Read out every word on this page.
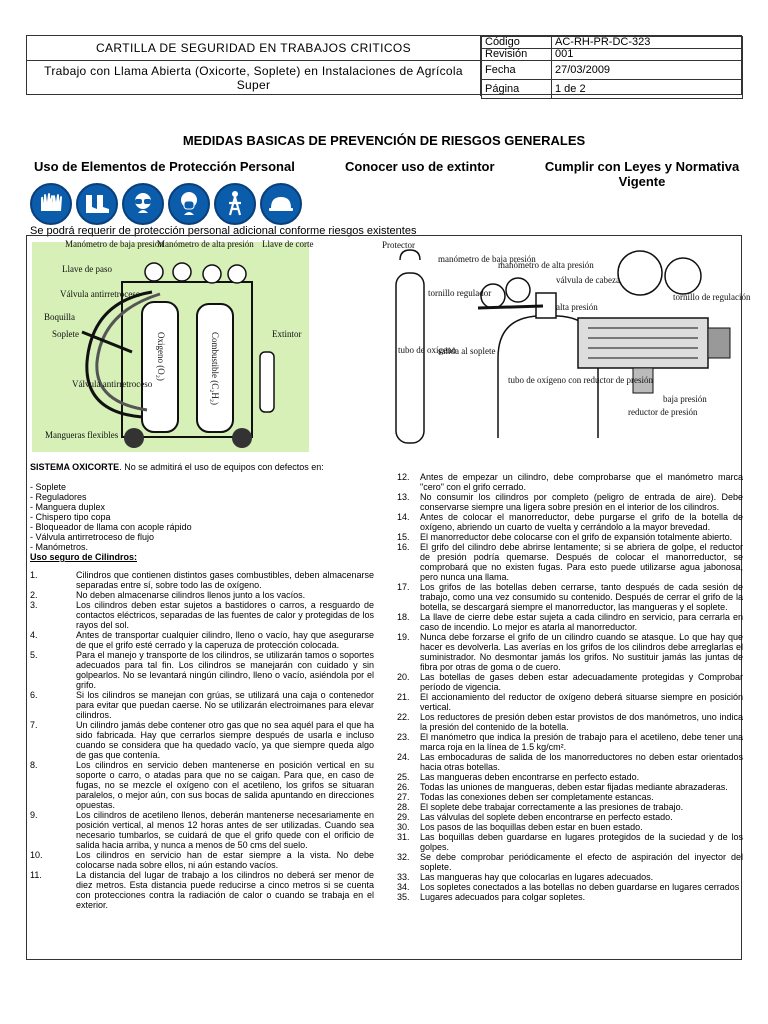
CARTILLA DE SEGURIDAD EN TRABAJOS CRITICOS
Trabajo con Llama Abierta (Oxicorte, Soplete) en Instalaciones de Agrícola Super
Código	AC-RH-PR-DC-323
Revisión	001
Fecha	27/03/2009
Página	1 de 2
MEDIDAS BASICAS DE PREVENCIÓN DE RIESGOS GENERALES
Uso de Elementos de Protección Personal	Conocer uso de extintor	Cumplir con Leyes y Normativa Vigente
Se podrá requerir de protección personal adicional conforme riesgos existentes
Oxigeno (O₂)	Combustible (C₂H₂)
Manómetro de baja presión
Manómetro de alta presión Llave de corte
Llave de paso
Válvula antirretroceso
Boquilla
Soplete	Extintor
Válvula antirretroceso
Mangueras flexibles
Protector
manómetro de baja presión
manómetro de alta presión
válvula de cabeza
alta presión
tornillo regulador	tornillo de regulación
salida al soplete
tubo de oxígeno
tubo de oxígeno con reductor de presión
baja presión
reductor de presión

SISTEMA OXICORTE. No se admitirá el uso de equipos con defectos en:

- Soplete
- Reguladores
- Manguera duplex
- Chispero tipo copa
- Bloqueador de llama con acople rápido
- Válvula antirretroceso de flujo
- Manómetros.

Uso seguro de Cilindros:

1.	Cilindros que contienen distintos gases combustibles, deben almacenarse separadas entre sí, sobre todo las de oxígeno.
2.	No deben almacenarse cilindros llenos junto a los vacíos.
3.	Los cilindros deben estar sujetos a bastidores o carros, a resguardo de contactos eléctricos, separadas de las fuentes de calor y protegidas de los rayos del sol.
4.	Antes de transportar cualquier cilindro, lleno o vacío, hay que asegurarse de que el grifo esté cerrado y la caperuza de protección colocada.
5.	Para el manejo y transporte de los cilindros, se utilizarán tamos o soportes adecuados para tal fin. Los cilindros se manejarán con cuidado y sin golpearlos. No se levantará ningún cilindro, lleno o vacío, asiéndola por el grifo.
6.	Si los cilindros se manejan con grúas, se utilizará una caja o contenedor para evitar que puedan caerse. No se utilizarán electroimanes para elevar cilindros.
7.	Un cilindro jamás debe contener otro gas que no sea aquél para el que ha sido fabricada. Hay que cerrarlos siempre después de usarla e incluso cuando se considera que ha quedado vacío, ya que siempre queda algo de gas que contenía.
8.	Los cilindros en servicio deben mantenerse en posición vertical en su soporte o carro, o atadas para que no se caigan. Para que, en caso de fugas, no se mezcle el oxígeno con el acetileno, los grifos se situaran paralelos, o mejor aún, con sus bocas de salida apuntando en direcciones opuestas.
9.	Los cilindros de acetileno llenos, deberán mantenerse necesariamente en posición vertical, al menos 12 horas antes de ser utilizadas. Cuando sea necesario tumbarlos, se cuidará de que el grifo quede con el orificio de salida hacia arriba, y nunca a menos de 50 cms del suelo.
10.	Los cilindros en servicio han de estar siempre a la vista. No debe colocarse nada sobre ellos, ni aún estando vacíos.
11.	La distancia del lugar de trabajo a los cilindros no deberá ser menor de diez metros. Esta distancia puede reducirse a cinco metros si se cuenta con protecciones contra la radiación de calor o cuando se trabaja en el exterior.
12.	Antes de empezar un cilindro, debe comprobarse que el manómetro marca "cero" con el grifo cerrado.
13.	No consumir los cilindros por completo (peligro de entrada de aire). Debe conservarse siempre una ligera sobre presión en el interior de los cilindros.
14.	Antes de colocar el manorreductor, debe purgarse el grifo de la botella de oxígeno, abriendo un cuarto de vuelta y cerrándolo a la mayor brevedad.
15.	El manorreductor debe colocarse con el grifo de expansión totalmente abierto.
16.	El grifo del cilindro debe abrirse lentamente; si se abriera de golpe, el reductor de presión podría quemarse. Después de colocar el manorreductor, se comprobará que no existen fugas. Para esto puede utilizarse agua jabonosa, pero nunca una llama.
17.	Los grifos de las botellas deben cerrarse, tanto después de cada sesión de trabajo, como una vez consumido su contenido. Después de cerrar el grifo de la botella, se descargará siempre el manorreductor, las mangueras y el soplete.
18.	La llave de cierre debe estar sujeta a cada cilindro en servicio, para cerrarla en caso de incendio. Lo mejor es atarla al manorreductor.
19.	Nunca debe forzarse el grifo de un cilindro cuando se atasque. Lo que hay que hacer es devolverla. Las averías en los grifos de los cilindros debe arreglarlas el suministrador. No desmontar jamás los grifos. No sustituir jamás las juntas de fibra por otras de goma o de cuero.
20.	Las botellas de gases deben estar adecuadamente protegidas y Comprobar período de vigencia.
21.	El accionamiento del reductor de oxígeno deberá situarse siempre en posición vertical.
22.	Los reductores de presión deben estar provistos de dos manómetros, uno indica la presión del contenido de la botella.
23.	El manómetro que indica la presión de trabajo para el acetileno, debe tener una marca roja en la línea de 1.5 kg/cm².
24.	Las embocaduras de salida de los manorreductores no deben estar orientados hacia otras botellas.
25.	Las mangueras deben encontrarse en perfecto estado.
26.	Todas las uniones de mangueras, deben estar fijadas mediante abrazaderas.
27.	Todas las conexiones deben ser completamente estancas.
28.	El soplete debe trabajar correctamente a las presiones de trabajo.
29.	Las válvulas del soplete deben encontrarse en perfecto estado.
30.	Los pasos de las boquillas deben estar en buen estado.
31.	Las boquillas deben guardarse en lugares protegidos de la suciedad y de los golpes.
32.	Se debe comprobar periódicamente el efecto de aspiración del inyector del soplete.
33.	Las mangueras hay que colocarlas en lugares adecuados.
34.	Los sopletes conectados a las botellas no deben guardarse en lugares cerrados
35.	Lugares adecuados para colgar sopletes.
